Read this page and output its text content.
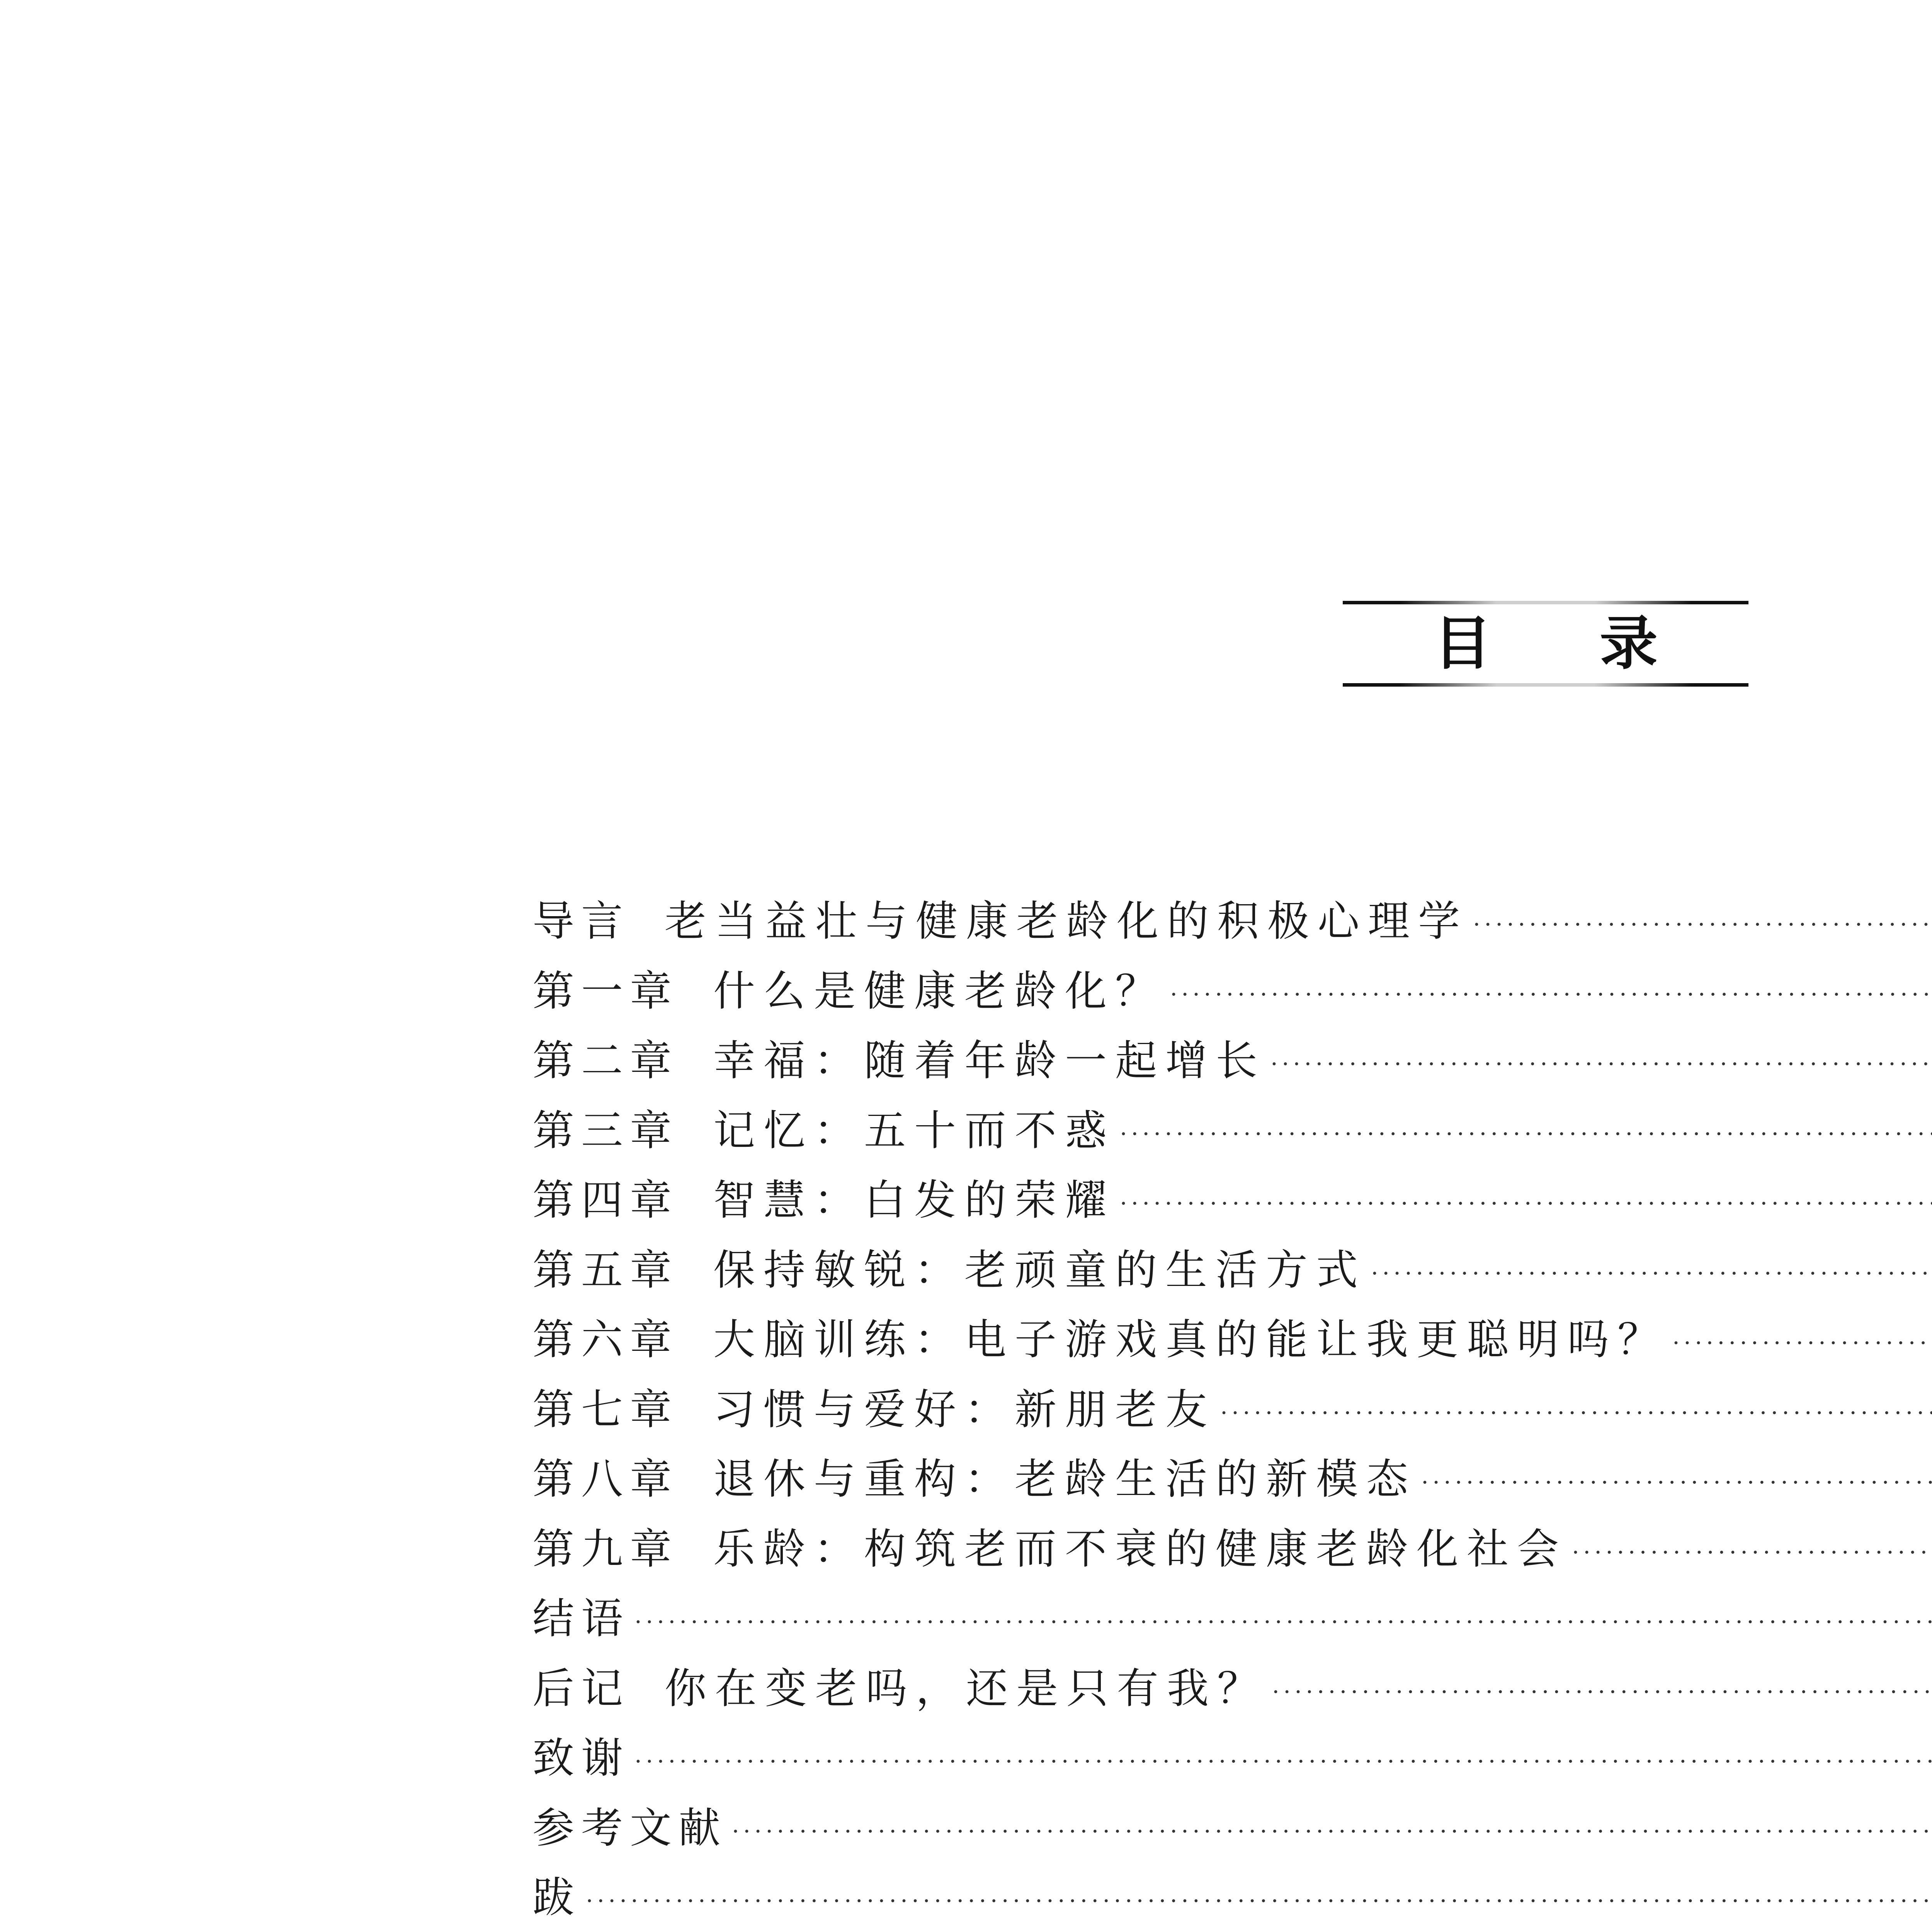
目 录
导言 老当益壮与健康老龄化的积极心理学
·····
第一章 什么是健康老龄化？
·····
第二章 幸福：随着年龄一起增长
·····
第三章 记忆：五十而不惑
·····
第四章 智慧：白发的荣耀
·····
第五章 保持敏锐：老顽童的生活方式
·····
第六章 大脑训练：电子游戏真的能让我更聪明吗？
·····
第七章 习惯与爱好：新朋老友
·····
第八章 退休与重构：老龄生活的新模态
·····
第九章 乐龄：构筑老而不衰的健康老龄化社会
·····
结语
·····
后记 你在变老吗，还是只有我？
·····
致谢
·····
参考文献
·····
跋
·····
